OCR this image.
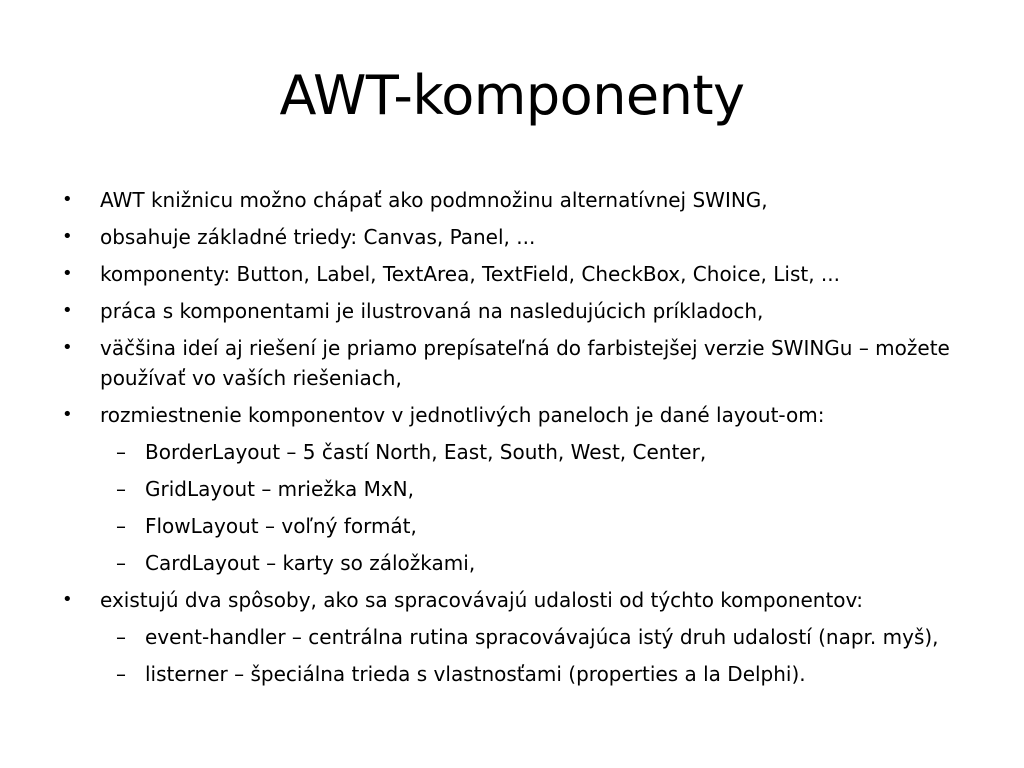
AWT-komponenty
•	AWT knižnicu možno chápať ako podmnožinu alternatívnej SWING,
•	obsahuje základné triedy: Canvas, Panel, ...
•	komponenty: Button, Label, TextArea, TextField, CheckBox, Choice, List, ...
•	práca s komponentami je ilustrovaná na nasledujúcich príkladoch,
•	väčšina ideí aj riešení je priamo prepísateľná do farbistejšej verzie SWINGu – možete používať vo vaších riešeniach,
•	rozmiestnenie komponentov v jednotlivých paneloch je dané layout-om:
– BorderLayout – 5 častí North, East, South, West, Center,
– GridLayout – mriežka MxN,
– FlowLayout – voľný formát,
– CardLayout – karty so záložkami,
•	existujú dva spôsoby, ako sa spracovávajú udalosti od týchto komponentov:
– event-handler – centrálna rutina spracovávajúca istý druh udalostí (napr. myš),
– listerner – špeciálna trieda s vlastnosťami (properties a la Delphi).
